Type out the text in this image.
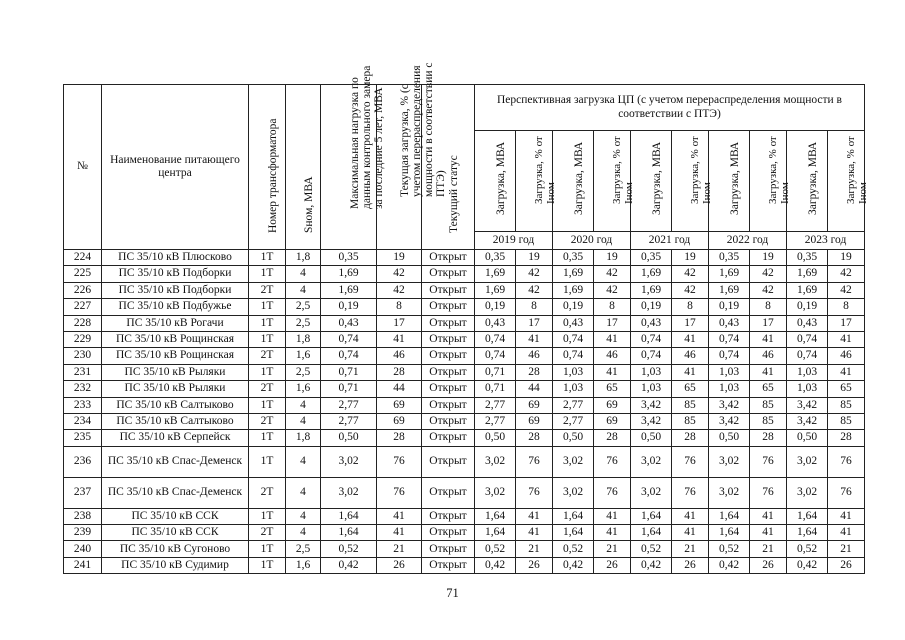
№	Наименование питающего центра	Номер трансформатора	Sном, МВА	Максимальная нагрузка по данным контрольного замера за последние 5 лет, МВА	Текущая загрузка, % (с учетом перераспределения мощности в соответствии с ПТЭ)	Текущий статус	Перспективная загрузка ЦП (с учетом перераспределения мощности в соответствии с ПТЭ)									

							Загрузка, МВА	Загрузка, % от Iном	Загрузка, МВА	Загрузка, % от Iном	Загрузка, МВА	Загрузка, % от Iном	Загрузка, МВА	Загрузка, % от Iном	Загрузка, МВА	Загрузка, % от Iном

							2019 год		2020 год		2021 год		2022 год		2023 год	
224	ПС 35/10 кВ Плюсково	1Т	1,8	0,35	19	Открыт	0,35	19	0,35	19	0,35	19	0,35	19	0,35	19
225	ПС 35/10 кВ Подборки	1Т	4	1,69	42	Открыт	1,69	42	1,69	42	1,69	42	1,69	42	1,69	42
226	ПС 35/10 кВ Подборки	2Т	4	1,69	42	Открыт	1,69	42	1,69	42	1,69	42	1,69	42	1,69	42
227	ПС 35/10 кВ Подбужье	1Т	2,5	0,19	8	Открыт	0,19	8	0,19	8	0,19	8	0,19	8	0,19	8
228	ПС 35/10 кВ Рогачи	1Т	2,5	0,43	17	Открыт	0,43	17	0,43	17	0,43	17	0,43	17	0,43	17
229	ПС 35/10 кВ Рощинская	1Т	1,8	0,74	41	Открыт	0,74	41	0,74	41	0,74	41	0,74	41	0,74	41
230	ПС 35/10 кВ Рощинская	2Т	1,6	0,74	46	Открыт	0,74	46	0,74	46	0,74	46	0,74	46	0,74	46
231	ПС 35/10 кВ Рыляки	1Т	2,5	0,71	28	Открыт	0,71	28	1,03	41	1,03	41	1,03	41	1,03	41
232	ПС 35/10 кВ Рыляки	2Т	1,6	0,71	44	Открыт	0,71	44	1,03	65	1,03	65	1,03	65	1,03	65
233	ПС 35/10 кВ Салтыково	1Т	4	2,77	69	Открыт	2,77	69	2,77	69	3,42	85	3,42	85	3,42	85
234	ПС 35/10 кВ Салтыково	2Т	4	2,77	69	Открыт	2,77	69	2,77	69	3,42	85	3,42	85	3,42	85
235	ПС 35/10 кВ Серпейск	1Т	1,8	0,50	28	Открыт	0,50	28	0,50	28	0,50	28	0,50	28	0,50	28
236	ПС 35/10 кВ Спас-Деменск	1Т	4	3,02	76	Открыт	3,02	76	3,02	76	3,02	76	3,02	76	3,02	76
237	ПС 35/10 кВ Спас-Деменск	2Т	4	3,02	76	Открыт	3,02	76	3,02	76	3,02	76	3,02	76	3,02	76
238	ПС 35/10 кВ ССК	1Т	4	1,64	41	Открыт	1,64	41	1,64	41	1,64	41	1,64	41	1,64	41
239	ПС 35/10 кВ ССК	2Т	4	1,64	41	Открыт	1,64	41	1,64	41	1,64	41	1,64	41	1,64	41
240	ПС 35/10 кВ Сугоново	1Т	2,5	0,52	21	Открыт	0,52	21	0,52	21	0,52	21	0,52	21	0,52	21
241	ПС 35/10 кВ Судимир	1Т	1,6	0,42	26	Открыт	0,42	26	0,42	26	0,42	26	0,42	26	0,42	26
71
